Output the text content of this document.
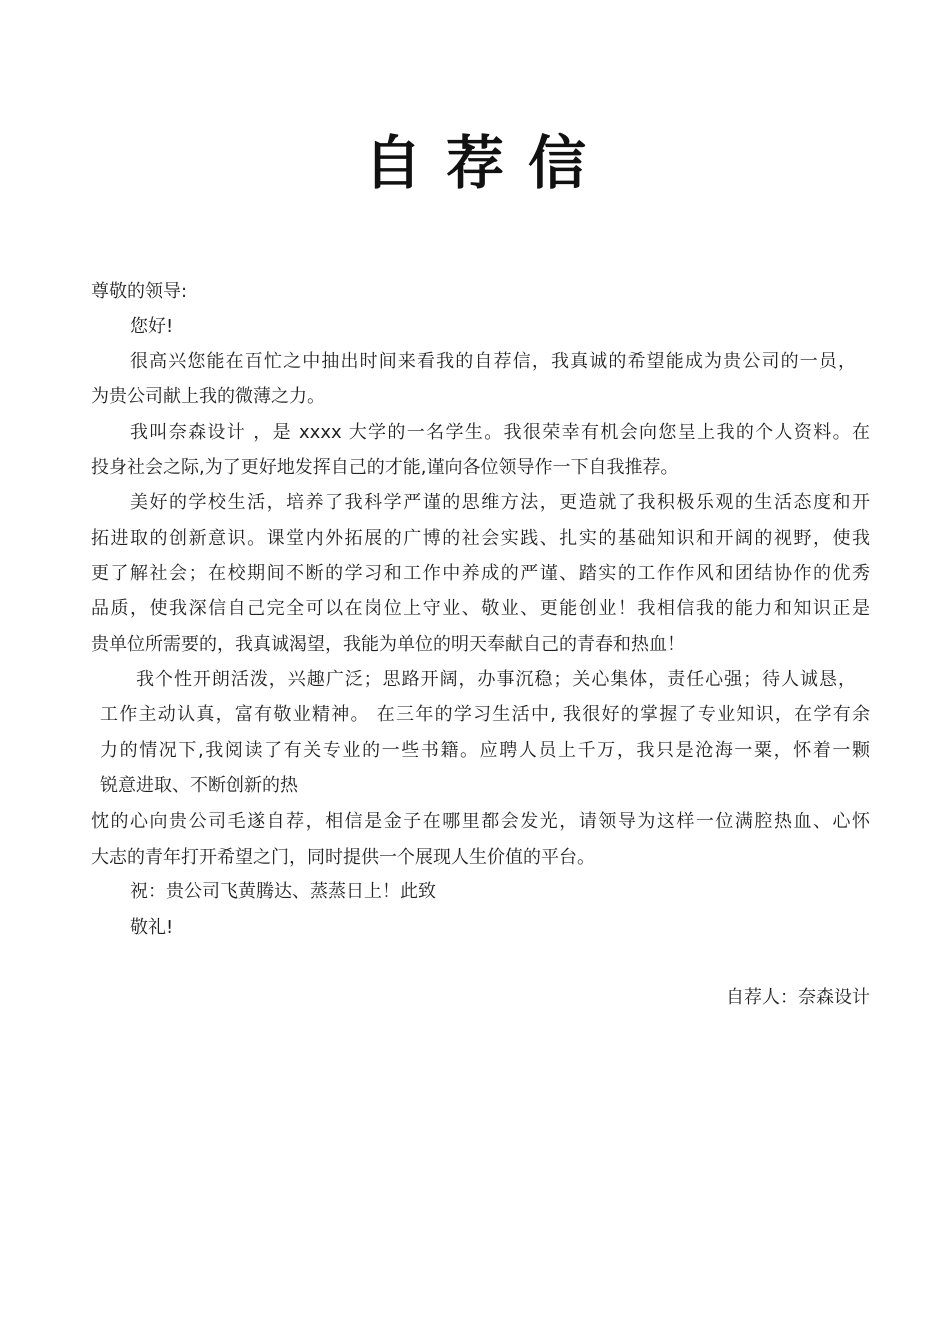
自荐信
尊敬的领导:
您好!
很高兴您能在百忙之中抽出时间来看我的自荐信，我真诚的希望能成为贵公司的一员，
为贵公司献上我的微薄之力。
我叫奈森设计 ，是 xxxx 大学的一名学生。我很荣幸有机会向您呈上我的个人资料。在
投身社会之际,为了更好地发挥自己的才能,谨向各位领导作一下自我推荐。
美好的学校生活，培养了我科学严谨的思维方法，更造就了我积极乐观的生活态度和开
拓进取的创新意识。课堂内外拓展的广博的社会实践、扎实的基础知识和开阔的视野，使我
更了解社会；在校期间不断的学习和工作中养成的严谨、踏实的工作作风和团结协作的优秀
品质，使我深信自己完全可以在岗位上守业、敬业、更能创业！我相信我的能力和知识正是
贵单位所需要的，我真诚渴望，我能为单位的明天奉献自己的青春和热血！
我个性开朗活泼，兴趣广泛；思路开阔，办事沉稳；关心集体，责任心强；待人诚恳，
工作主动认真，富有敬业精神。 在三年的学习生活中, 我很好的掌握了专业知识，在学有余
力的情况下,我阅读了有关专业的一些书籍。应聘人员上千万，我只是沧海一粟，怀着一颗
锐意进取、不断创新的热
忱的心向贵公司毛遂自荐，相信是金子在哪里都会发光，请领导为这样一位满腔热血、心怀
大志的青年打开希望之门，同时提供一个展现人生价值的平台。
祝：贵公司飞黄腾达、蒸蒸日上！此致
敬礼!
自荐人：奈森设计
